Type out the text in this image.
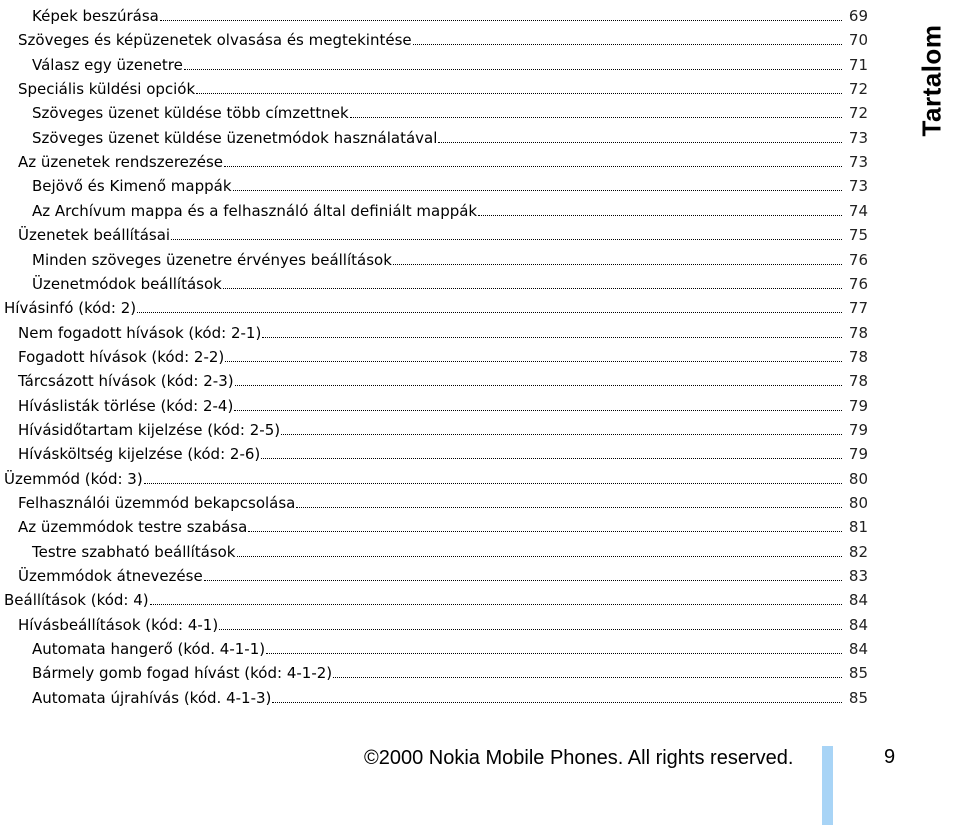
Képek beszúrása	69
Szöveges és képüzenetek olvasása és megtekintése	70
Válasz egy üzenetre	71
Speciális küldési opciók	72
Szöveges üzenet küldése több címzettnek	72
Szöveges üzenet küldése üzenetmódok használatával	73
Az üzenetek rendszerezése	73
Bejövő és Kimenő mappák	73
Az Archívum mappa és a felhasználó által definiált mappák	74
Üzenetek beállításai	75
Minden szöveges üzenetre érvényes beállítások	76
Üzenetmódok beállítások	76
Hívásinfó (kód: 2)	77
Nem fogadott hívások (kód: 2-1)	78
Fogadott hívások (kód: 2-2)	78
Tárcsázott hívások (kód: 2-3)	78
Híváslisták törlése (kód: 2-4)	79
Hívásidőtartam kijelzése (kód: 2-5)	79
Hívásköltség kijelzése (kód: 2-6)	79
Üzemmód (kód: 3)	80
Felhasználói üzemmód bekapcsolása	80
Az üzemmódok testre szabása	81
Testre szabható beállítások	82
Üzemmódok átnevezése	83
Beállítások (kód: 4)	84
Hívásbeállítások (kód: 4-1)	84
Automata hangerő (kód. 4-1-1)	84
Bármely gomb fogad hívást (kód: 4-1-2)	85
Automata újrahívás (kód. 4-1-3)	85
Tartalom
©2000 Nokia Mobile Phones. All rights reserved.	9
